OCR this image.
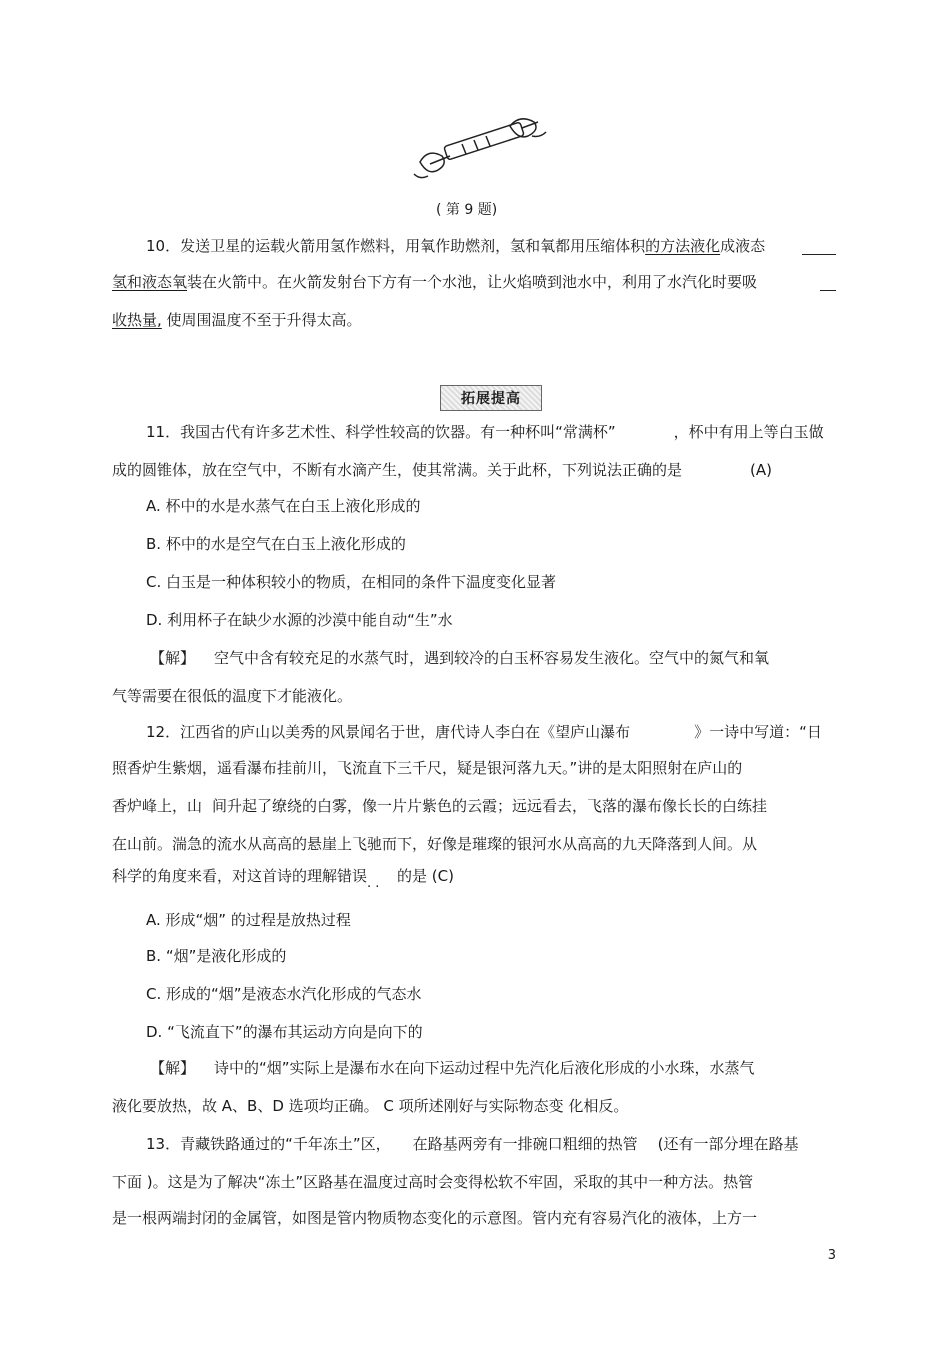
( 第 9 题)
10．发送卫星的运载火箭用氢作燃料，用氧作助燃剂，氢和氧都用压缩体积的方法液化成液态
氢和液态氧装在火箭中。在火箭发射台下方有一个水池，让火焰喷到池水中，利用了水汽化时要吸
收热量, 使周围温度不至于升得太高。
拓展提高
11．我国古代有许多艺术性、科学性较高的饮器。有一种杯叫“常满杯”	，杯中有用上等白玉做
成的圆锥体，放在空气中，不断有水滴产生，使其常满。关于此杯，下列说法正确的是	(A)
A. 杯中的水是水蒸气在白玉上液化形成的
B. 杯中的水是空气在白玉上液化形成的
C. 白玉是一种体积较小的物质，在相同的条件下温度变化显著
D. 利用杯子在缺少水源的沙漠中能自动“生”水
【解】 空气中含有较充足的水蒸气时，遇到较冷的白玉杯容易发生液化。空气中的氮气和氧
气等需要在很低的温度下才能液化。
12．江西省的庐山以美秀的风景闻名于世，唐代诗人李白在《望庐山瀑布	》一诗中写道：“日
照香炉生紫烟，遥看瀑布挂前川，飞流直下三千尺，疑是银河落九天。”讲的是太阳照射在庐山的
香炉峰上，山 间升起了缭绕的白雾，像一片片紫色的云霞；远远看去，飞落的瀑布像长长的白练挂
在山前。湍急的流水从高高的悬崖上飞驰而下，好像是璀璨的银河水从高高的九天降落到人间。从
科学的角度来看，对这首诗的理解错误. . 的是 (C)
A. 形成“烟” 的过程是放热过程
B. “烟”是液化形成的
C. 形成的“烟”是液态水汽化形成的气态水
D. “飞流直下”的瀑布其运动方向是向下的
【解】 诗中的“烟”实际上是瀑布水在向下运动过程中先汽化后液化形成的小水珠，水蒸气
液化要放热，故 A、B、D 选项均正确。 C 项所述刚好与实际物态变 化相反。
13．青藏铁路通过的“千年冻土”区， 在路基两旁有一排碗口粗细的热管 (还有一部分埋在路基
下面 )。这是为了解决“冻土”区路基在温度过高时会变得松软不牢固，采取的其中一种方法。热管
是一根两端封闭的金属管，如图是管内物质物态变化的示意图。管内充有容易汽化的液体，上方一
3
